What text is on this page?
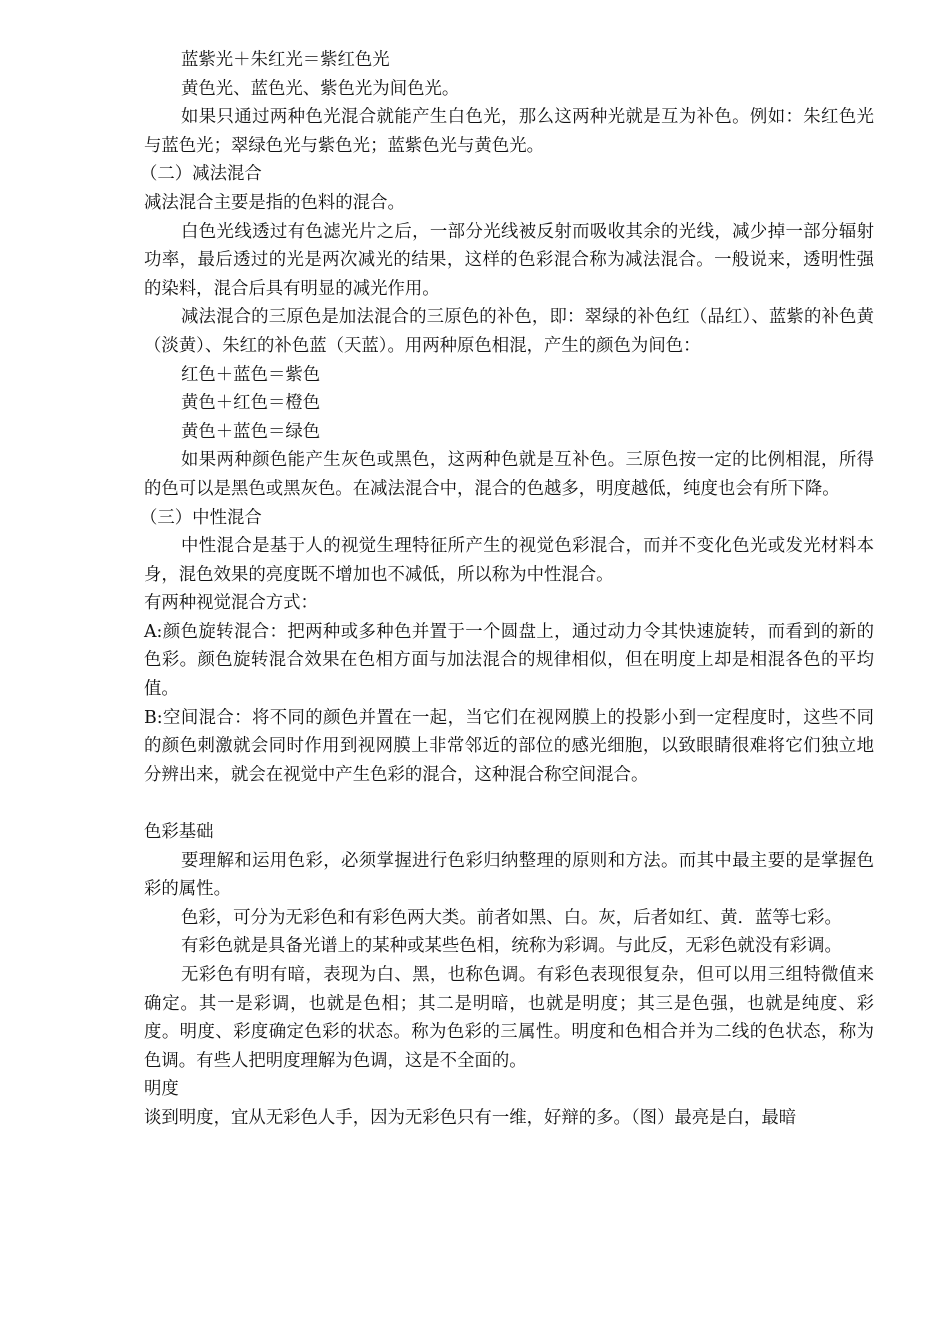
蓝紫光＋朱红光＝紫红色光

黄色光、蓝色光、紫色光为间色光。

如果只通过两种色光混合就能产生白色光，那么这两种光就是互为补色。例如：朱红色光与蓝色光；翠绿色光与紫色光；蓝紫色光与黄色光。

（二）减法混合

减法混合主要是指的色料的混合。

白色光线透过有色滤光片之后，一部分光线被反射而吸收其余的光线，减少掉一部分辐射功率，最后透过的光是两次减光的结果，这样的色彩混合称为减法混合。一般说来，透明性强的染料，混合后具有明显的减光作用。

减法混合的三原色是加法混合的三原色的补色，即：翠绿的补色红（品红）、蓝紫的补色黄（淡黄）、朱红的补色蓝（天蓝）。用两种原色相混，产生的颜色为间色：

红色＋蓝色＝紫色

黄色＋红色＝橙色

黄色＋蓝色＝绿色

如果两种颜色能产生灰色或黑色，这两种色就是互补色。三原色按一定的比例相混，所得的色可以是黑色或黑灰色。在减法混合中，混合的色越多，明度越低，纯度也会有所下降。

（三）中性混合

中性混合是基于人的视觉生理特征所产生的视觉色彩混合，而并不变化色光或发光材料本身，混色效果的亮度既不增加也不减低，所以称为中性混合。

有两种视觉混合方式：

A:颜色旋转混合：把两种或多种色并置于一个圆盘上，通过动力令其快速旋转，而看到的新的色彩。颜色旋转混合效果在色相方面与加法混合的规律相似，但在明度上却是相混各色的平均值。

B:空间混合：将不同的颜色并置在一起，当它们在视网膜上的投影小到一定程度时，这些不同的颜色刺激就会同时作用到视网膜上非常邻近的部位的感光细胞，以致眼睛很难将它们独立地分辨出来，就会在视觉中产生色彩的混合，这种混合称空间混合。

色彩基础

要理解和运用色彩，必须掌握进行色彩归纳整理的原则和方法。而其中最主要的是掌握色彩的属性。

色彩，可分为无彩色和有彩色两大类。前者如黑、白。灰，后者如红、黄．蓝等七彩。

有彩色就是具备光谱上的某种或某些色相，统称为彩调。与此反，无彩色就没有彩调。

无彩色有明有暗，表现为白、黑，也称色调。有彩色表现很复杂，但可以用三组特微值来确定。其一是彩调，也就是色相；其二是明暗，也就是明度；其三是色强，也就是纯度、彩度。明度、彩度确定色彩的状态。称为色彩的三属性。明度和色相合并为二线的色状态，称为色调。有些人把明度理解为色调，这是不全面的。

明度

谈到明度，宜从无彩色人手，因为无彩色只有一维，好辩的多。（图）最亮是白，最暗
